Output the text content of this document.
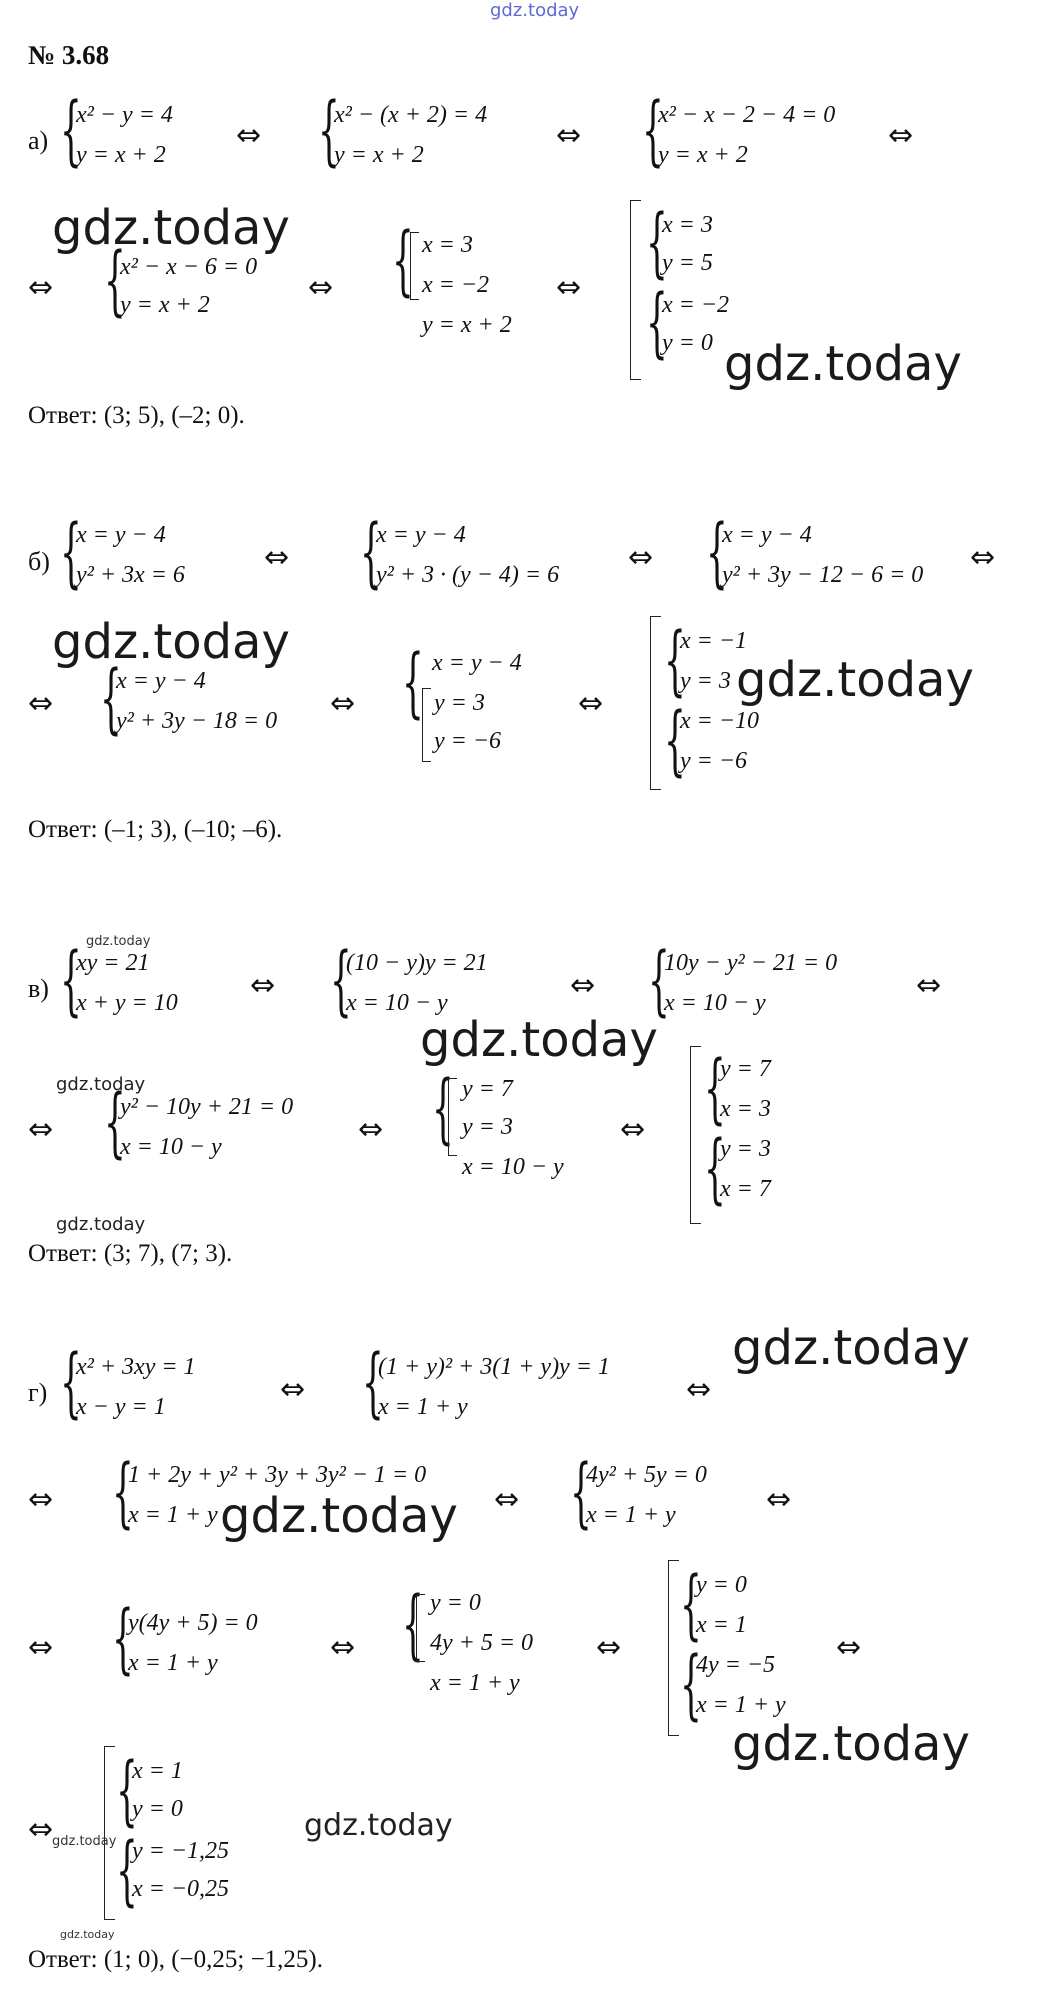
gdz.today
№ 3.68
а) {
x² − y = 4
y = x + 2
⇔ {
x² − (x + 2) = 4
y = x + 2
⇔ {
x² − x − 2 − 4 = 0
y = x + 2
⇔
gdz.today
⇔ {
x² − x − 6 = 0
y = x + 2	⇔ { x = 3
x = −2
y = x + 2
⇔
{
x = 3
y = 5
{
x = −2
y = 0 gdz.today
Ответ: (3; 5), (–2; 0).
б) {
x = y − 4
y² + 3x = 6	⇔ {
x = y − 4
y² + 3 · (y − 4) = 6 ⇔ {
x = y − 4
y² + 3y − 12 − 6 = 0 ⇔
gdz.today
⇔ {
x = y − 4
y² + 3y − 18 = 0 ⇔ { x = y − 4
y = 3
y = −6
⇔ {
x = −1
y = 3
{
x = −10
y = −6
gdz.today
Ответ: (–1; 3), (–10; –6).
gdz.today
в) {
xy = 21
x + y = 10 ⇔ {
(10 − y)y = 21
x = 10 − y	⇔ {
10y − y² − 21 = 0
x = 10 − y	⇔
gdz.today
gdz.today
⇔ {
y² − 10y + 21 = 0
x = 10 − y	⇔ { y = 7
y = 3
x = 10 − y
⇔ {
y = 7
x = 3
{
y = 3
x = 7
gdz.today
Ответ: (3; 7), (7; 3).
г) {
x² + 3xy = 1
x − y = 1	⇔ {
(1 + y)² + 3(1 + y)y = 1
x = 1 + y	⇔
gdz.today
⇔ {
1 + 2y + y² + 3y + 3y² − 1 = 0
x = 1 + y gdz.today ⇔ {
4y² + 5y = 0
x = 1 + y	⇔
⇔ {
y(4y + 5) = 0
x = 1 + y	⇔ { y = 0
4y + 5 = 0
x = 1 + y
⇔ {
y = 0
x = 1
{
4y = −5
x = 1 + y
⇔
gdz.today
⇔ {
x = 1
y = 0
gdz.today {
y = −1,25
x = −0,25
gdz.today
gdz.today
Ответ: (1; 0), (−0,25; −1,25).
